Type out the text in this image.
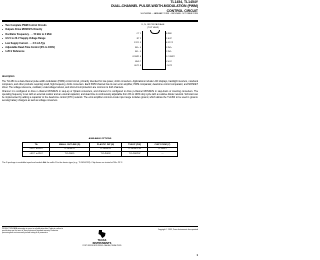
TL1454, TL1454Y
DUAL-CHANNEL PULSE-WIDTH-MODULATION (PWM)
CONTROL CIRCUIT
SLVS095B – JANUARY 1995 – REVISED OCTOBER 1995
● Two Complete PWM Control Circuits
● Outputs Drive MOSFETs Directly
● Oscillator Frequency . . . 50 kHz to 2 MHz
● 3.6-V to 20-V Supply-Voltage Range
● Low Supply Current . . . 2.5 mA Typ
● Adjustable Dead-Time Control (0% to 100%)
● 1.26-V Reference
D, N, OR PW PACKAGE
(TOP VIEW)
CT 1
RT 2
DTC1 3
IN1+ 4
IN1– 5
COMP1 6
GND 7
OUT1 8
16 REF
15 SCP
14 DTC2
13 IN2+
12 IN2–
11 COMP2
10 VCC
9 OUT2

description

The TL1454 is a dual-channel pulse-width-modulation (PWM) control circuit, primarily intended for low-power, dc/dc converters. Applications include LCD displays, backlight inverters, notebook computers, and other products requiring small, high-frequency, dc/dc converters. Each PWM channel has its own error amplifier, PWM comparator, dead-time control comparator, and MOSFET driver. The voltage reference, oscillator, undervoltage lockout, and short-circuit protection are common to both channels.

Channel 1 is configured to drive n-channel MOSFETs in step-up or flyback converters, and channel 2 is configured to drive p-channel MOSFETs in step-down or inverting converters. The operating frequency is set with an external resistor and an external capacitor, and dead time is continuously adjustable from 0% to 100% duty cycle with a resistive divider network. Soft start can be implemented by adding a capacitor to the dead-time control (DTC) network. The error-amplifier common-mode input range includes ground, which allows the TL1454 to be used in ground-sensing battery chargers as well as voltage converters.

AVAILABLE OPTIONS
TA	SMALL OUTLINE (D)	PLASTIC DIP (N)	TSSOP (PW)	CHIP FORM (Y)
–20°C to 85°C	TL1454CD	TL1454CN	TL1454CPW	TL1454Y
–40°C to 85°C	TL1454ID	TL1454IN	TL1454IPW	—
The D package is available taped and reeled. Add the suffix R to the device type (e.g., TL1454CDR). Chip forms are tested at TA = 25°C.
PRODUCTION DATA information is current as of publication date. Products conform to specifications per the terms of Texas Instruments standard warranty. Production processing does not necessarily include testing of all parameters.
TEXAS
INSTRUMENTS
POST OFFICE BOX 655303 • DALLAS, TEXAS 75265
Copyright © 1995, Texas Instruments Incorporated
1
